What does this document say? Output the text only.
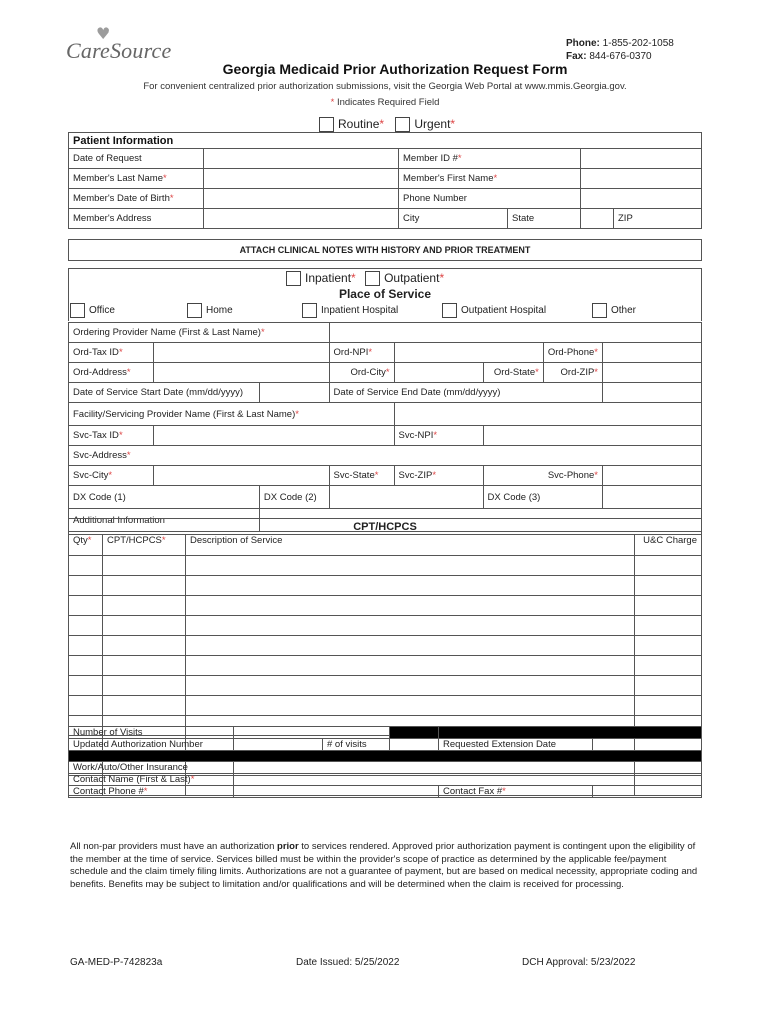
♥
CareSource	Phone: 1-855-202-1058
Fax: 844-676-0370
Georgia Medicaid Prior Authorization Request Form
For convenient centralized prior authorization submissions, visit the Georgia Web Portal at www.mmis.Georgia.gov.
* Indicates Required Field
Routine*	Urgent*
Patient Information					
Date of Request		Member ID #*			
Member's Last Name*		Member's First Name*			
Member's Date of Birth*		Phone Number			
Member's Address		City	State		ZIP
ATTACH CLINICAL NOTES WITH HISTORY AND PRIOR TREATMENT
Inpatient* Outpatient*
Place of Service
Office	Home	Inpatient Hospital	Outpatient Hospital	Other
Ordering Provider Name (First & Last Name)*							
Ord-Tax ID*			Ord-NPI*			Ord-Phone*	
Ord-Address*			Ord-City*		Ord-State*	Ord-ZIP*	
Date of Service Start Date (mm/dd/yyyy)			Date of Service End Date (mm/dd/yyyy)				
Facility/Servicing Provider Name (First & Last Name)*							
Svc-Tax ID*				Svc-NPI*			
Svc-Address*							
Svc-City*			Svc-State*	Svc-ZIP*	Svc-Phone*		
DX Code (1)		DX Code (2)			DX Code (3)		
Additional Information							
CPT/HCPCS			
Qty*	CPT/HCPCS*	Description of Service	U&C Charge

Number of Visits					
Updated Authorization Number		# of visits		Requested Extension Date	

Work/Auto/Other Insurance					
Contact Name (First & Last)*					
Contact Phone #*				Contact Fax #*	
All non-par providers must have an authorization prior to services rendered. Approved prior authorization payment is contingent upon the eligibility of the member at the time of service. Services billed must be within the provider's scope of practice as determined by the applicable fee/payment schedule and the claim timely filing limits. Authorizations are not a guarantee of payment, but are based on medical necessity, appropriate coding and benefits. Benefits may be subject to limitation and/or qualifications and will be determined when the claim is received for processing.
GA-MED-P-742823a	Date Issued: 5/25/2022	DCH Approval: 5/23/2022
